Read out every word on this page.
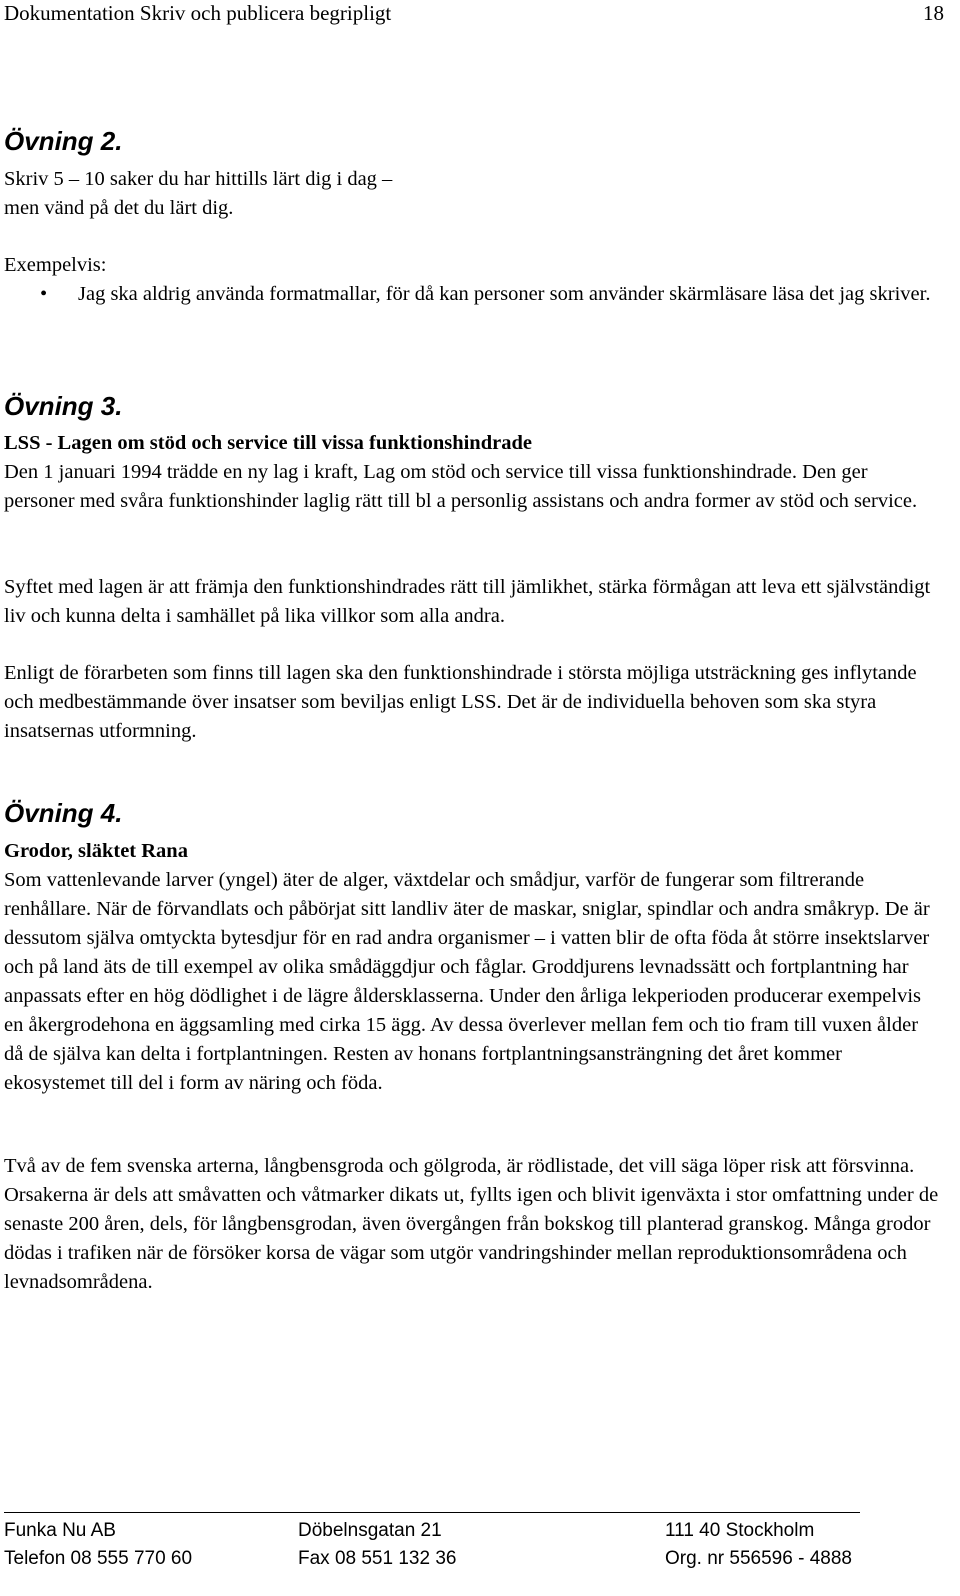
Dokumentation Skriv och publicera begripligt	18
Övning 2.
Skriv 5 – 10 saker du har hittills lärt dig i dag –
men vänd på det du lärt dig.
Exempelvis:
• Jag ska aldrig använda formatmallar, för då kan personer som använder skärmläsare läsa det jag skriver.
Övning 3.
LSS - Lagen om stöd och service till vissa funktionshindrade

Den 1 januari 1994 trädde en ny lag i kraft, Lag om stöd och service till vissa funktionshindrade. Den ger personer med svåra funktionshinder laglig rätt till bl a personlig assistans och andra former av stöd och service.

Syftet med lagen är att främja den funktionshindrades rätt till jämlikhet, stärka förmågan att leva ett självständigt liv och kunna delta i samhället på lika villkor som alla andra.

Enligt de förarbeten som finns till lagen ska den funktionshindrade i största möjliga utsträckning ges inflytande och medbestämmande över insatser som beviljas enligt LSS. Det är de individuella behoven som ska styra insatsernas utformning.

Övning 4.
Grodor, släktet Rana

Som vattenlevande larver (yngel) äter de alger, växtdelar och smådjur, varför de fungerar som filtrerande renhållare. När de förvandlats och påbörjat sitt landliv äter de maskar, sniglar, spindlar och andra småkryp. De är dessutom själva omtyckta bytesdjur för en rad andra organismer – i vatten blir de ofta föda åt större insektslarver och på land äts de till exempel av olika smådäggdjur och fåglar. Groddjurens levnadssätt och fortplantning har anpassats efter en hög dödlighet i de lägre åldersklasserna. Under den årliga lekperioden producerar exempelvis en åkergrodehona en äggsamling med cirka 15 ägg. Av dessa överlever mellan fem och tio fram till vuxen ålder då de själva kan delta i fortplantningen. Resten av honans fortplantningsansträngning det året kommer ekosystemet till del i form av näring och föda.

Två av de fem svenska arterna, långbensgroda och gölgroda, är rödlistade, det vill säga löper risk att försvinna. Orsakerna är dels att småvatten och våtmarker dikats ut, fyllts igen och blivit igenväxta i stor omfattning under de senaste 200 åren, dels, för långbensgrodan, även övergången från bokskog till planterad granskog. Många grodor dödas i trafiken när de försöker korsa de vägar som utgör vandringshinder mellan reproduktionsområdena och levnadsområdena.

Funka Nu AB	Döbelnsgatan 21	111 40 Stockholm
Telefon 08 555 770 60	Fax 08 551 132 36	Org. nr 556596 - 4888
